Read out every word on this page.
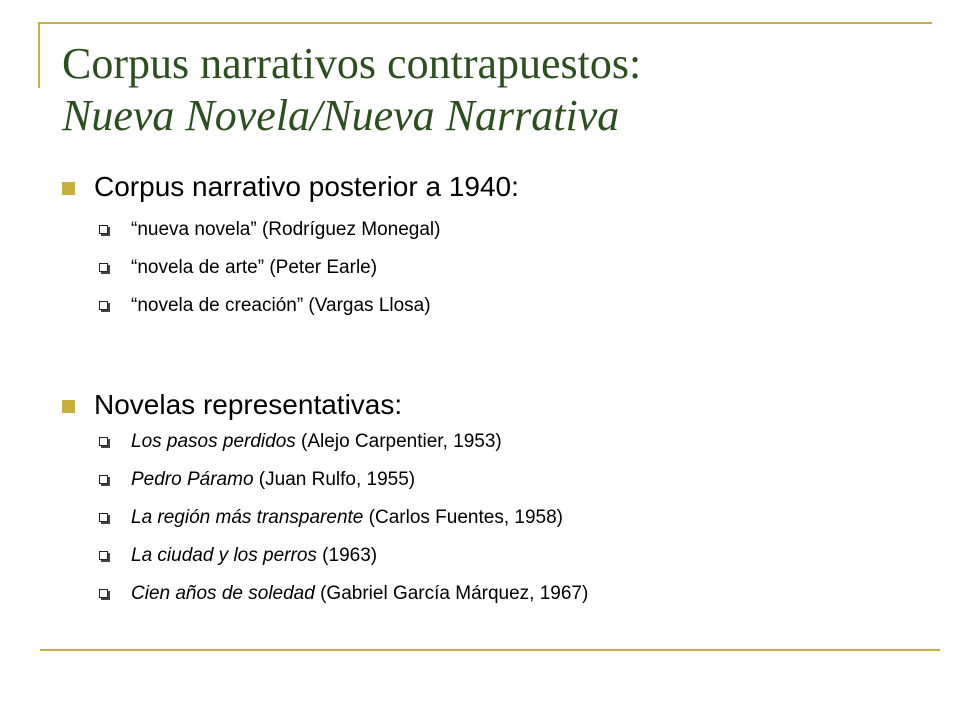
Corpus narrativos contrapuestos:
Nueva Novela/Nueva Narrativa
Corpus narrativo posterior a 1940:
“nueva novela” (Rodríguez Monegal)
“novela de arte” (Peter Earle)
“novela de creación” (Vargas Llosa)
Novelas representativas:
Los pasos perdidos (Alejo Carpentier, 1953)
Pedro Páramo (Juan Rulfo, 1955)
La región más transparente (Carlos Fuentes, 1958)
La ciudad y los perros (1963)
Cien años de soledad (Gabriel García Márquez, 1967)
